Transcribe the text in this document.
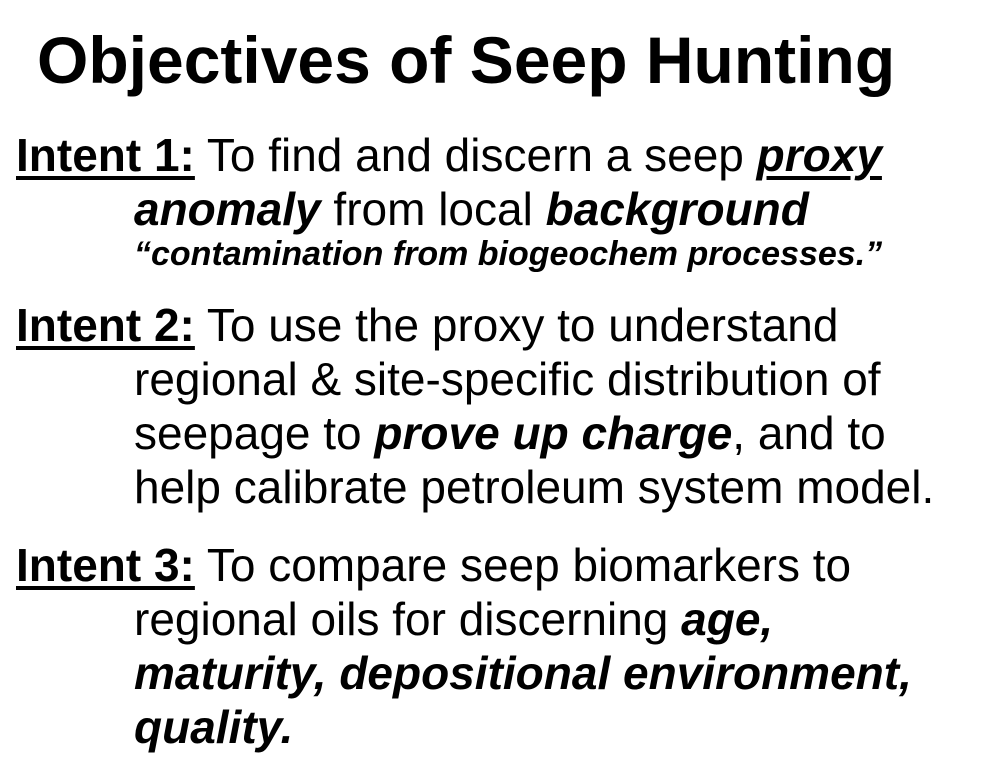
Objectives of Seep Hunting
Intent 1: To find and discern a seep proxy
anomaly from local background
“contamination from biogeochem processes.”
Intent 2: To use the proxy to understand
regional & site-specific distribution of
seepage to prove up charge, and to
help calibrate petroleum system model.
Intent 3: To compare seep biomarkers to
regional oils for discerning age,
maturity, depositional environment,
quality.
